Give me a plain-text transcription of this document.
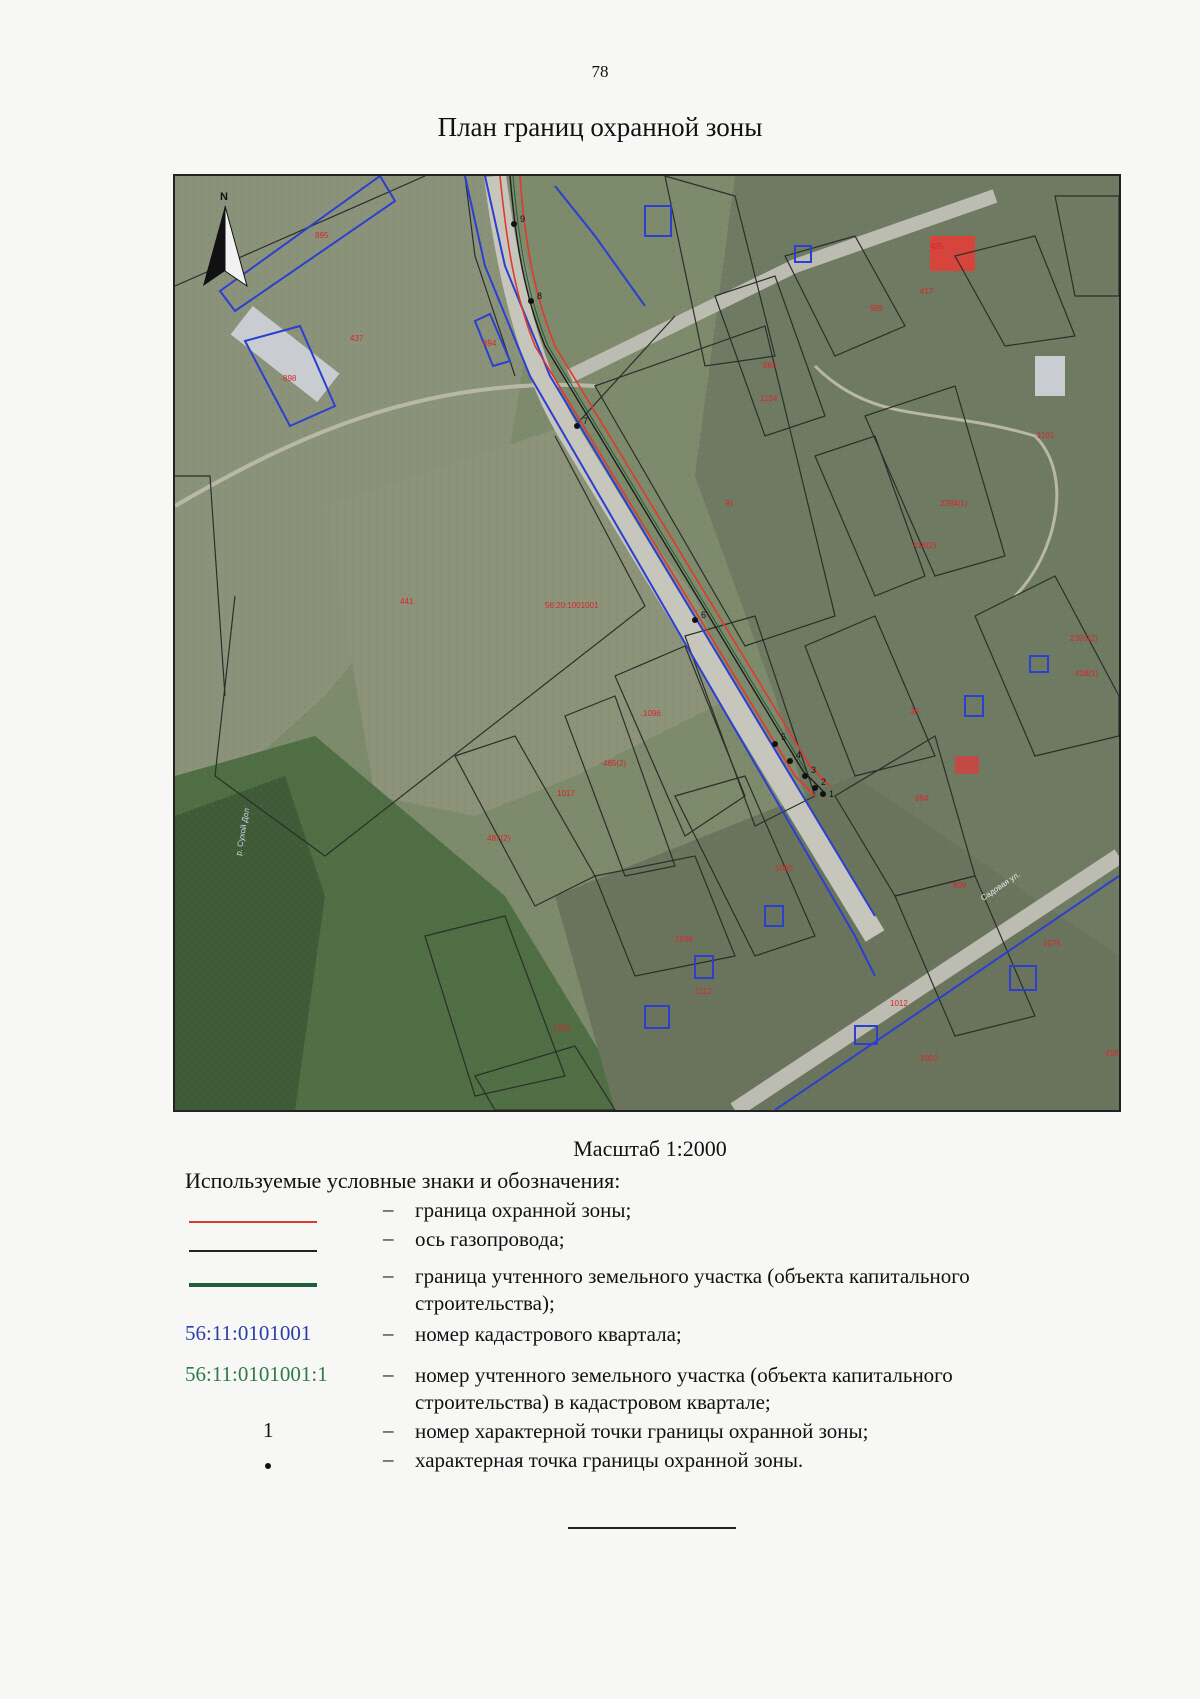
78
План границ охранной зоны
9
8
7
6
5
4
3
2
1
N
895
898
437
894
441	56:20:1001001
91
1096
1017
485(2)
487(2)
865
1134
585
1101
2394(1)
418(2)
2395(2)
418(1)
30
864
1095
1036
1112
1091
1012
1002
1075
425
417
809
418
Садовая ул.
р. Сухой Дол
Масштаб 1:2000
Используемые условные знаки и обозначения:
– граница охранной зоны;
– ось газопровода;
– граница учтенного земельного участка (объекта капитального строительства);
56:11:0101001	– номер кадастрового квартала;
56:11:0101001:1	– номер учтенного земельного участка (объекта капитального строительства) в кадастровом квартале;
1	– номер характерной точки границы охранной зоны;
– характерная точка границы охранной зоны.
